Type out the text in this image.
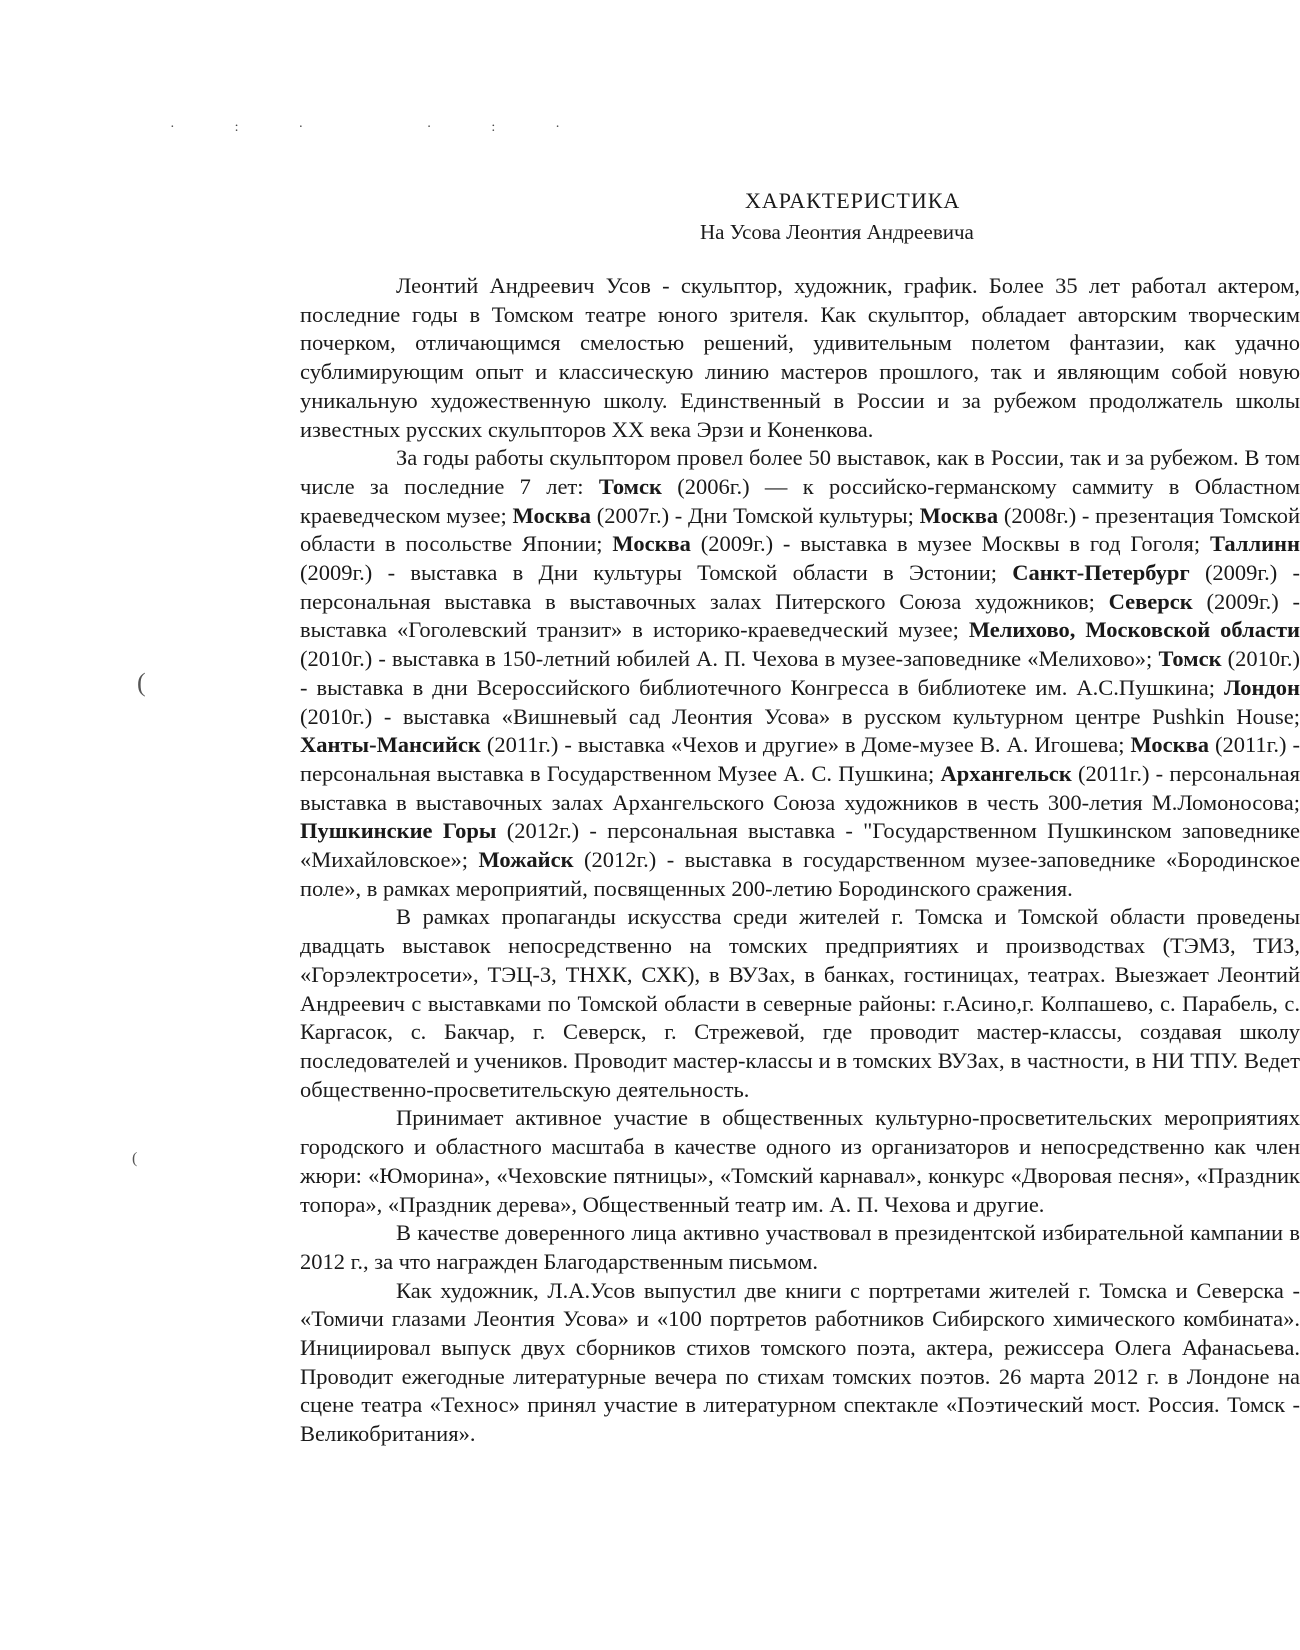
·:· ·:·
(
(
ХАРАКТЕРИСТИКА
На Усова Леонтия Андреевича

Леонтий Андреевич Усов - скульптор, художник, график. Более 35 лет работал актером, последние годы в Томском театре юного зрителя. Как скульптор, обладает авторским творческим почерком, отличающимся смелостью решений, удивительным полетом фантазии, как удачно сублимирующим опыт и классическую линию мастеров прошлого, так и являющим собой новую уникальную художественную школу. Единственный в России и за рубежом продолжатель школы известных русских скульпторов XX века Эрзи и Коненкова.

За годы работы скульптором провел более 50 выставок, как в России, так и за рубежом. В том числе за последние 7 лет: Томск (2006г.) — к российско-германскому саммиту в Областном краеведческом музее; Москва (2007г.) - Дни Томской культуры; Москва (2008г.) - презентация Томской области в посольстве Японии; Москва (2009г.) - выставка в музее Москвы в год Гоголя; Таллинн (2009г.) - выставка в Дни культуры Томской области в Эстонии; Санкт-Петербург (2009г.) - персональная выставка в выставочных залах Питерского Союза художников; Северск (2009г.) - выставка «Гоголевский транзит» в историко-краеведческий музее; Мелихово, Московской области (2010г.) - выставка в 150-летний юбилей А. П. Чехова в музее-заповеднике «Мелихово»; Томск (2010г.) - выставка в дни Всероссийского библиотечного Конгресса в библиотеке им. А.С.Пушкина; Лондон (2010г.) - выставка «Вишневый сад Леонтия Усова» в русском культурном центре Pushkin House; Ханты-Мансийск (2011г.) - выставка «Чехов и другие» в Доме-музее В. А. Игошева; Москва (2011г.) - персональная выставка в Государственном Музее А. С. Пушкина; Архангельск (2011г.) - персональная выставка в выставочных залах Архангельского Союза художников в честь 300-летия М.Ломоносова; Пушкинские Горы (2012г.) - персональная выставка - "Государственном Пушкинском заповеднике «Михайловское»; Можайск (2012г.) - выставка в государственном музее-заповеднике «Бородинское поле», в рамках мероприятий, посвященных 200-летию Бородинского сражения.

В рамках пропаганды искусства среди жителей г. Томска и Томской области проведены двадцать выставок непосредственно на томских предприятиях и производствах (ТЭМЗ, ТИЗ, «Горэлектросети», ТЭЦ-3, ТНХК, СХК), в ВУЗах, в банках, гостиницах, театрах. Выезжает Леонтий Андреевич с выставками по Томской области в северные районы: г.Асино,г. Колпашево, с. Парабель, с. Каргасок, с. Бакчар, г. Северск, г. Стрежевой, где проводит мастер-классы, создавая школу последователей и учеников. Проводит мастер-классы и в томских ВУЗах, в частности, в НИ ТПУ. Ведет общественно-просветительскую деятельность.

Принимает активное участие в общественных культурно-просветительских мероприятиях городского и областного масштаба в качестве одного из организаторов и непосредственно как член жюри: «Юморина», «Чеховские пятницы», «Томский карнавал», конкурс «Дворовая песня», «Праздник топора», «Праздник дерева», Общественный театр им. А. П. Чехова и другие.

В качестве доверенного лица активно участвовал в президентской избирательной кампании в 2012 г., за что награжден Благодарственным письмом.

Как художник, Л.А.Усов выпустил две книги с портретами жителей г. Томска и Северска - «Томичи глазами Леонтия Усова» и «100 портретов работников Сибирского химического комбината». Инициировал выпуск двух сборников стихов томского поэта, актера, режиссера Олега Афанасьева. Проводит ежегодные литературные вечера по стихам томских поэтов. 26 марта 2012 г. в Лондоне на сцене театра «Технос» принял участие в литературном спектакле «Поэтический мост. Россия. Томск - Великобритания».
